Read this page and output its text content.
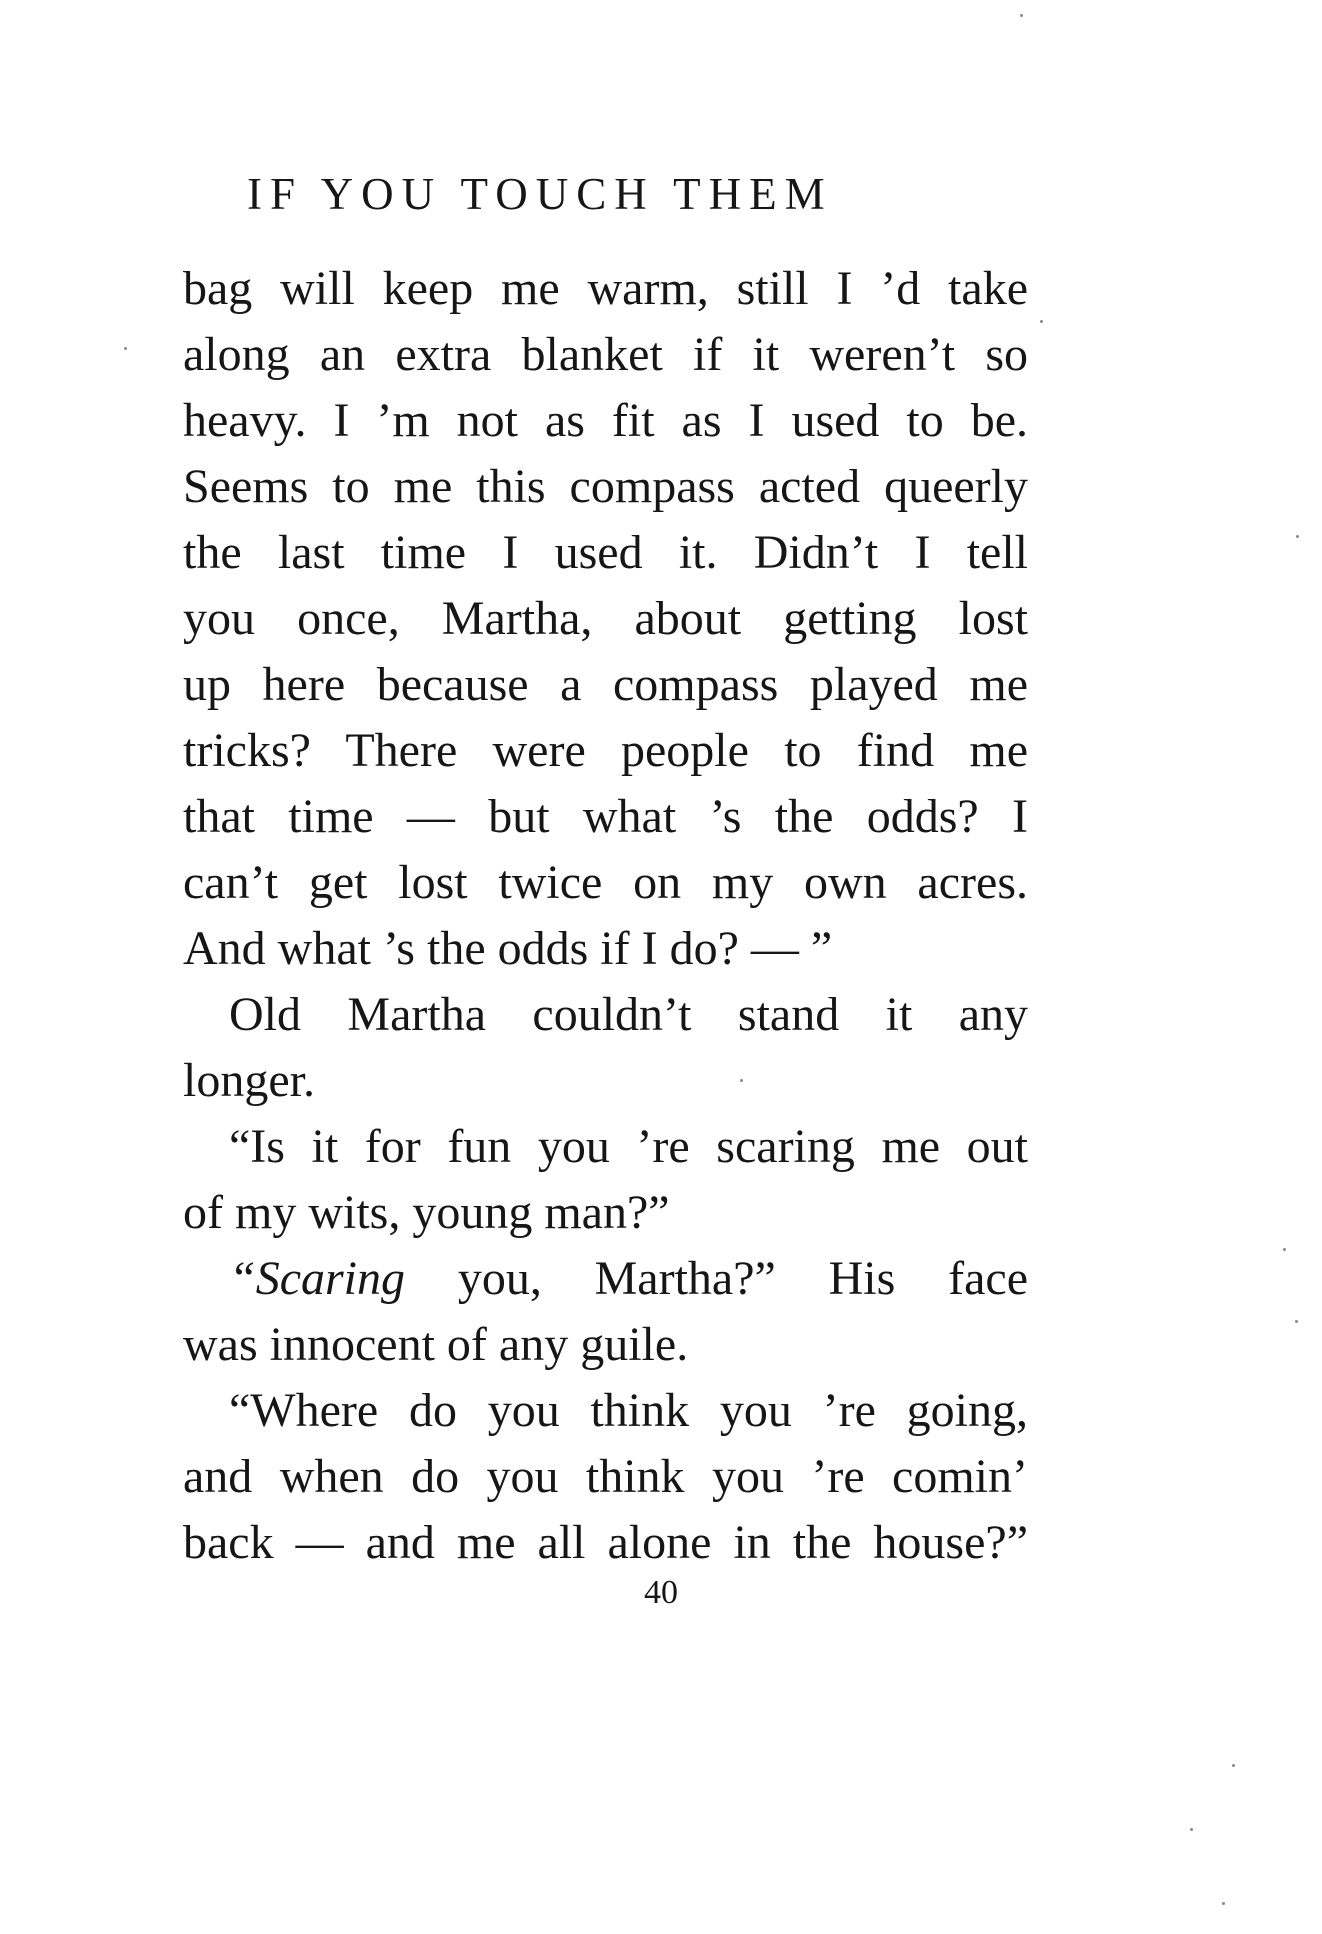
IF YOU TOUCH THEM
bag will keep me warm, still I ’d take
along an extra blanket if it weren’t so
heavy. I ’m not as fit as I used to be.
Seems to me this compass acted queerly
the last time I used it. Didn’t I tell
you once, Martha, about getting lost
up here because a compass played me
tricks? There were people to find me
that time — but what ’s the odds? I
can’t get lost twice on my own acres.
And what ’s the odds if I do? — ”
Old Martha couldn’t stand it any
longer.
“Is it for fun you ’re scaring me out
of my wits, young man?”
“Scaring you, Martha?” His face
was innocent of any guile.
“Where do you think you ’re going,
and when do you think you ’re comin’
back — and me all alone in the house?”
40
